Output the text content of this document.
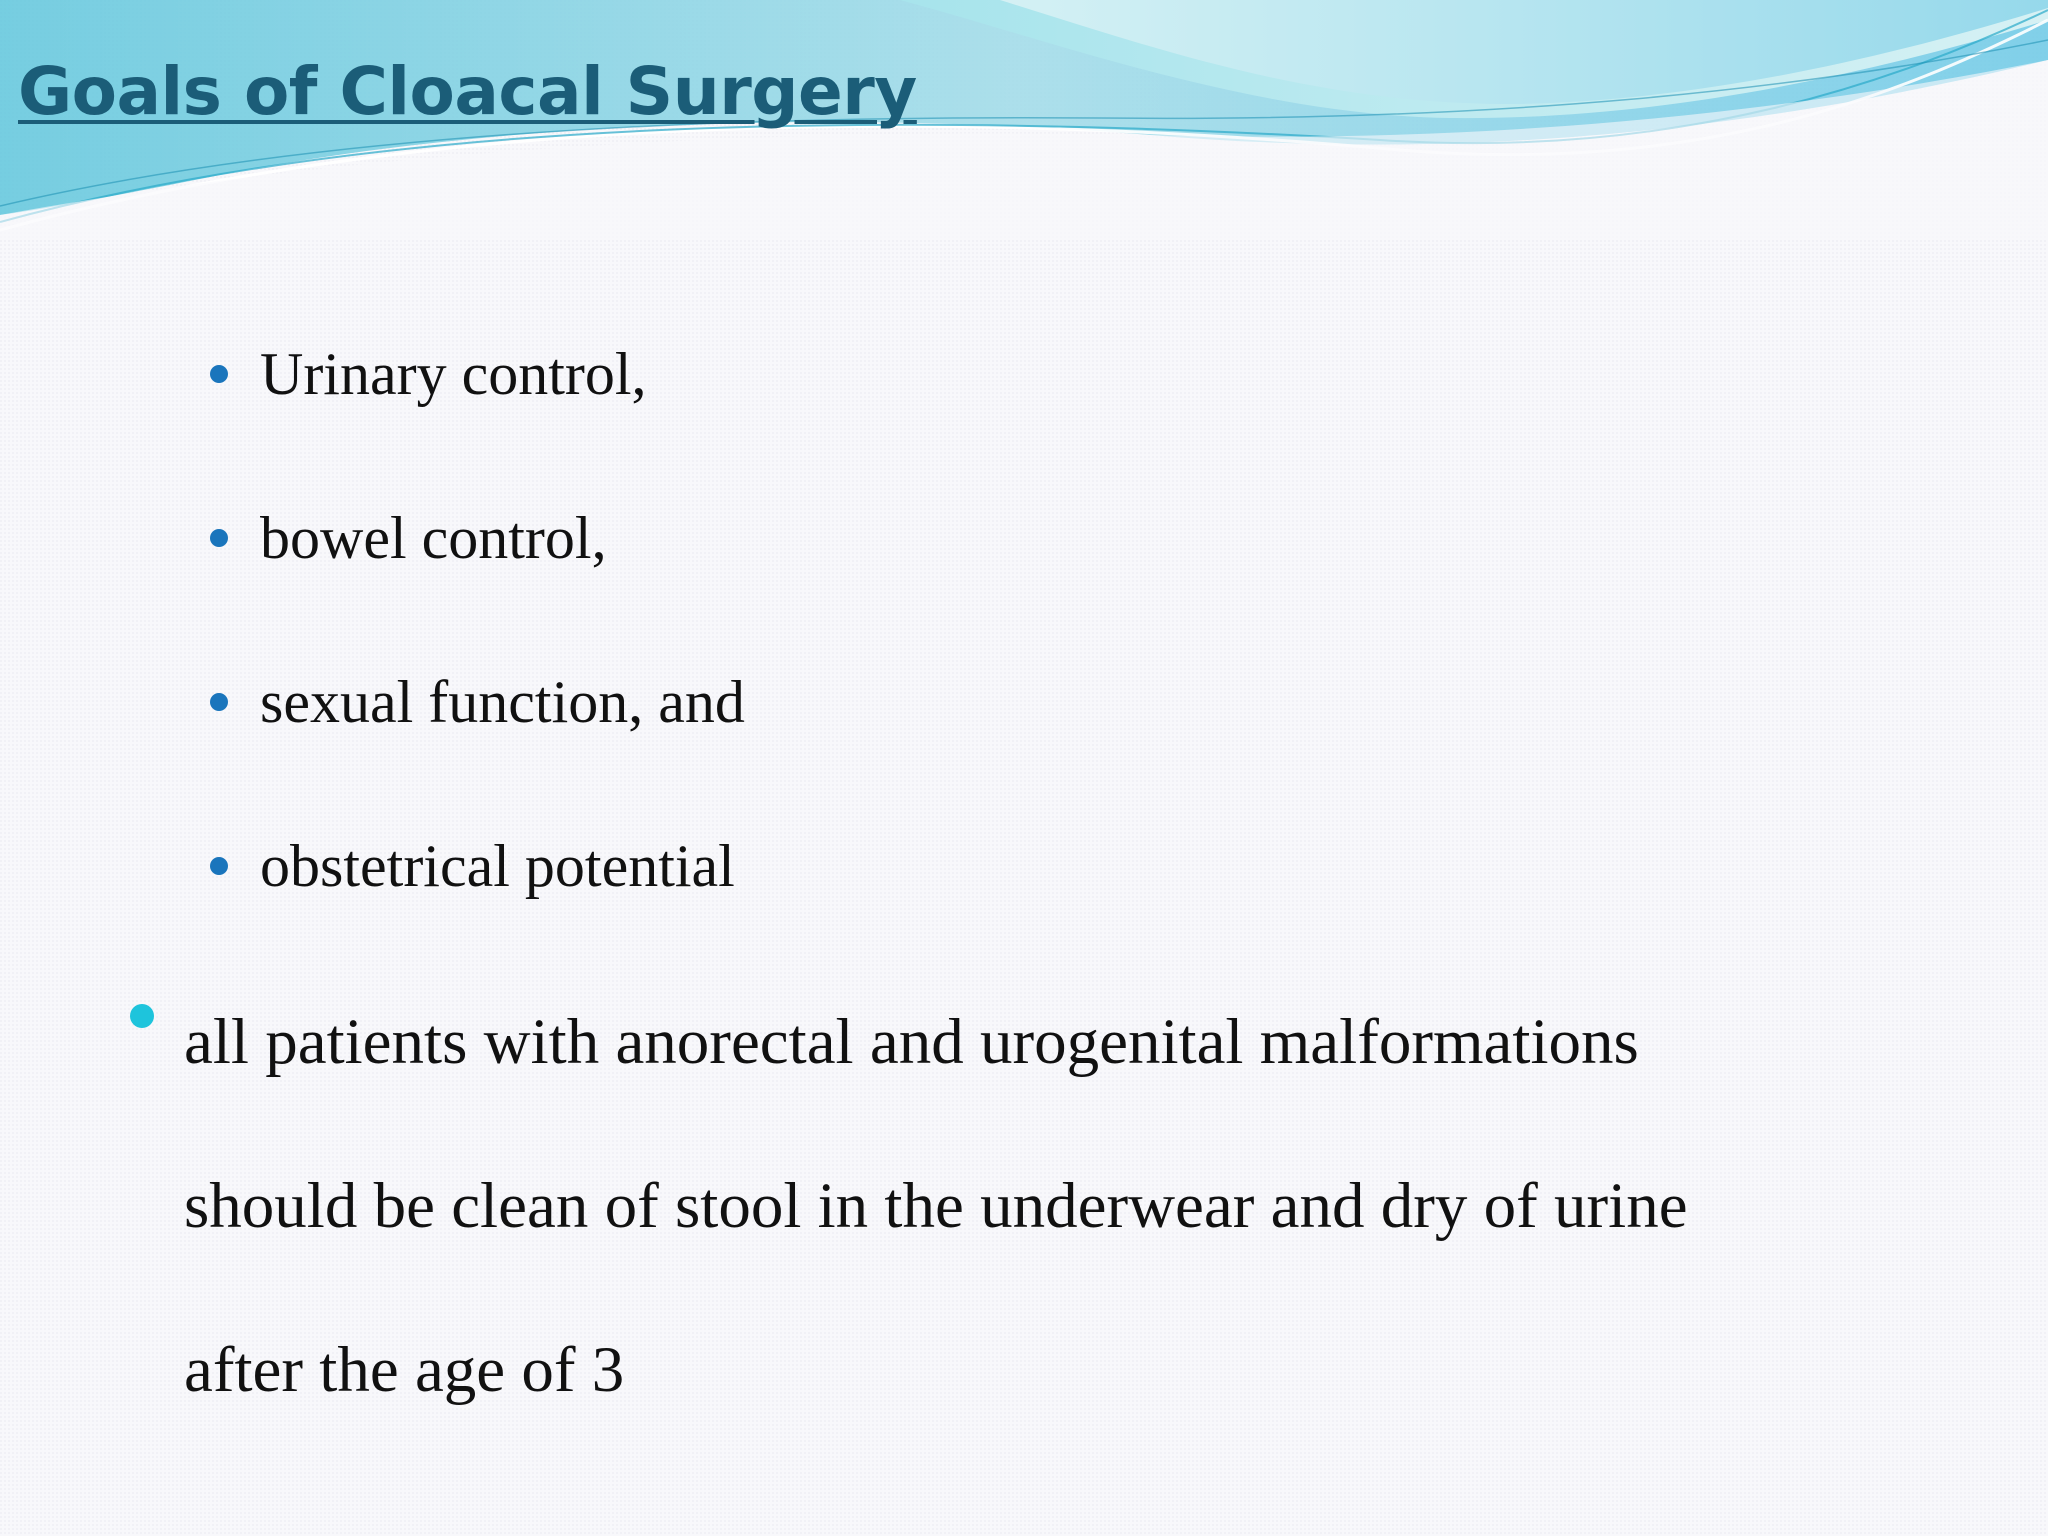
Goals of Cloacal Surgery
Urinary control,
bowel control,
sexual function, and
obstetrical potential
all patients with anorectal and urogenital malformations
should be clean of stool in the underwear and dry of urine
after the age of 3
